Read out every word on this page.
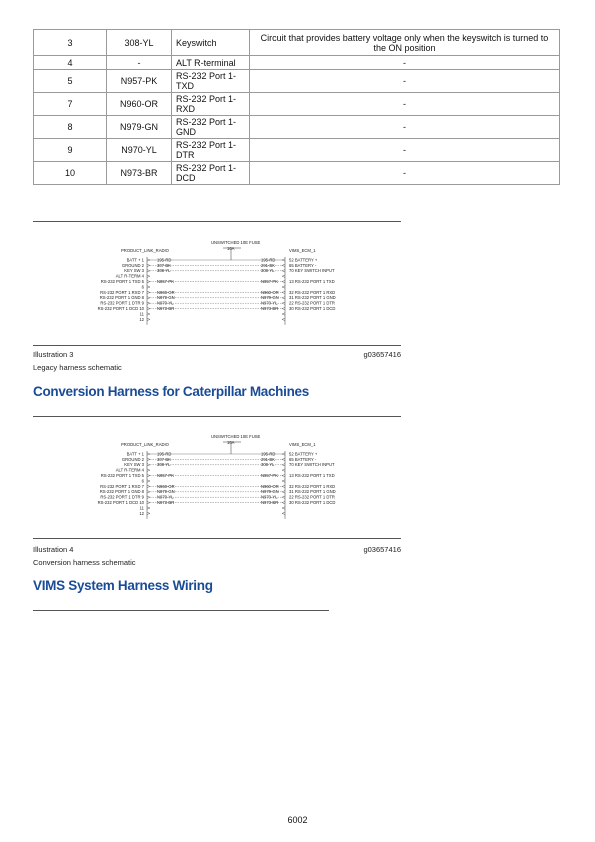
3	308-YL	Keyswitch	Circuit that provides battery voltage only when the keyswitch is turned to the ON position
4	-	ALT R-terminal	-
5	N957-PK	RS-232 Port 1-TXD	-
7	N960-OR	RS-232 Port 1-RXD	-
8	N979-GN	RS-232 Port 1-GND	-
9	N970-YL	RS-232 Port 1-DTR	-
10	N973-BR	RS-232 Port 1-DCD	-
UNSWITCHED 10E FUSE
10A
PRODUCT_LINK_RADIO	VIMS_ECM_1
BATT + 1	195-RD	195-RD	52 BATTERY +
GROUND 2	307-BK	291-BK	65 BATTERY -
KEY SW 3	308-YL	308-YL	70 KEY SWITCH INPUT
ALT R-TERM 4
RS-232 PORT 1 TXD 5	N957-PK	N957-PK	13 RS-232 PORT 1 TXD
6
RS-232 PORT 1 RXD 7	N960-OR	N960-OR 32 RS-232 PORT 1 RXD
RS-232 PORT 1 GND 8	N979-GN	N979-GN 31 RS-232 PORT 1 GND
RS-232 PORT 1 DTR 9	N970-YL	N970-YL	22 RS-232 PORT 1 DTR
RS-232 PORT 1 DCD 10	N973-BR	N973-BR	30 RS-232 PORT 1 DCD
11
12
Illustration 3	g03657416
Legacy harness schematic
Conversion Harness for Caterpillar Machines
UNSWITCHED 10E FUSE
10A
PRODUCT_LINK_RADIO	VIMS_ECM_1
BATT + 1	195-RD	195-RD	52 BATTERY +
GROUND 2	307-BK	291-BK	65 BATTERY -
KEY SW 3	308-YL	308-YL	70 KEY SWITCH INPUT
ALT R-TERM 4
RS-232 PORT 1 TXD 5	N957-PK	N957-PK	13 RS-232 PORT 1 TXD
6
RS-232 PORT 1 RXD 7	N960-OR	N960-OR 32 RS-232 PORT 1 RXD
RS-232 PORT 1 GND 8	N979-GN	N979-GN 31 RS-232 PORT 1 GND
RS-232 PORT 1 DTR 9	N970-YL	N970-YL	22 RS-232 PORT 1 DTR
RS-232 PORT 1 DCD 10	N973-BR	N973-BR	30 RS-232 PORT 1 DCD
11
12
Illustration 4	g03657416
Conversion harness schematic
VIMS System Harness Wiring
6002
